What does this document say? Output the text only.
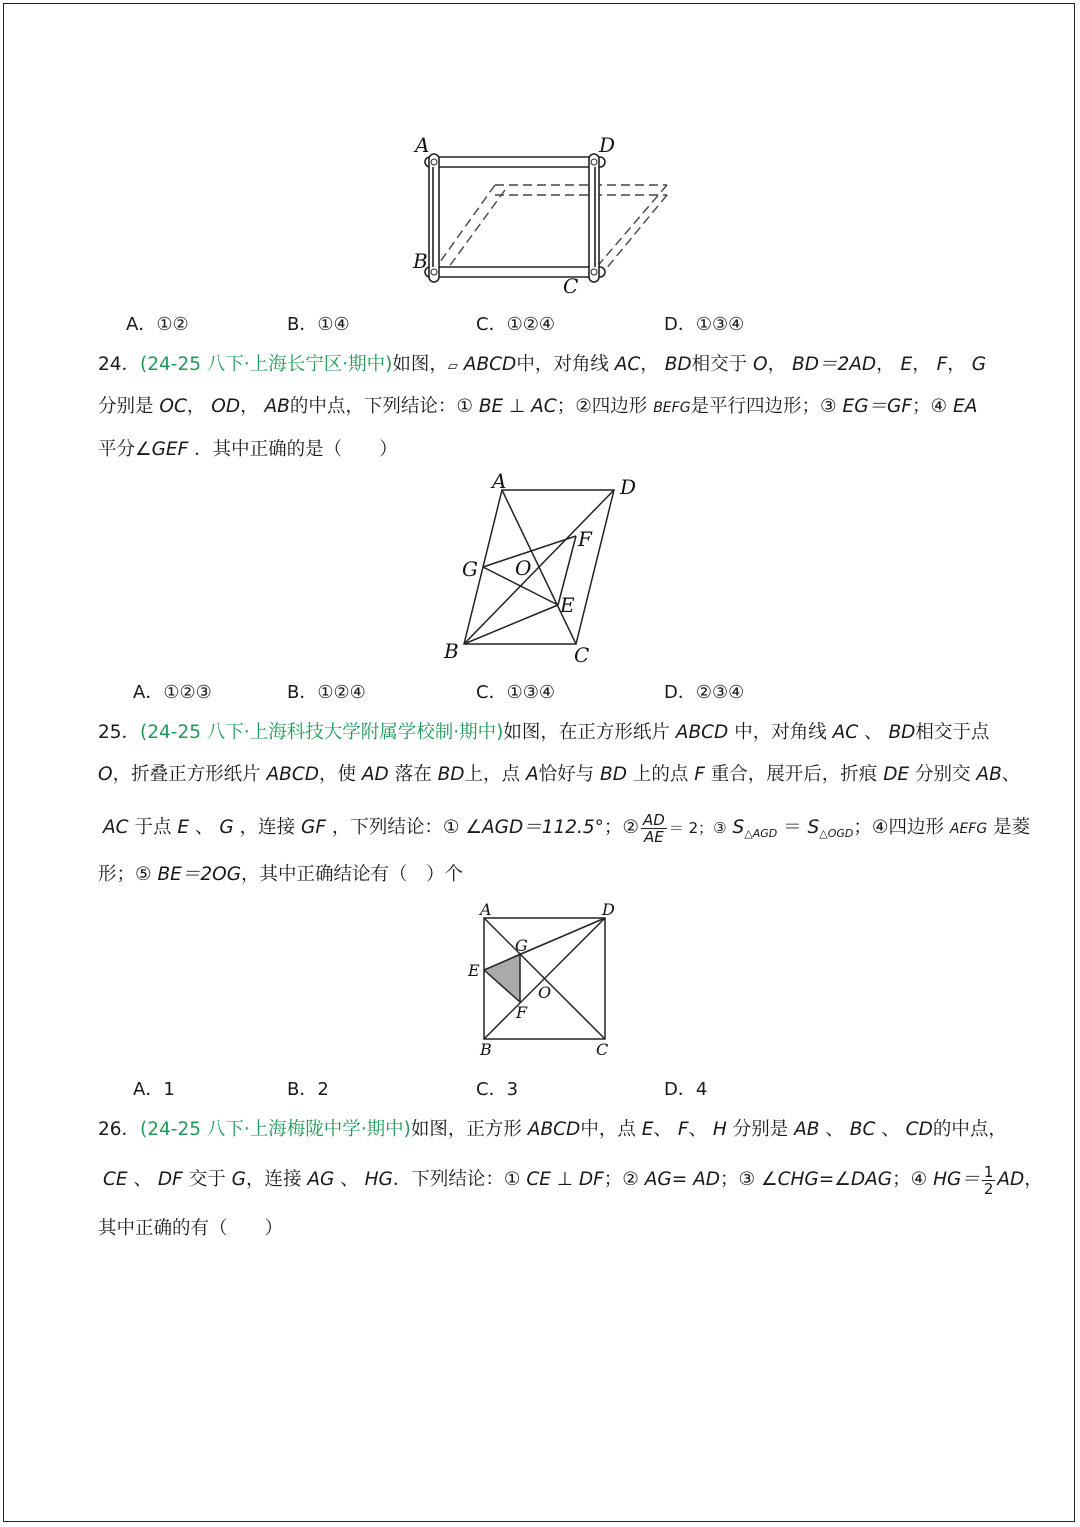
A	D
B
C
A．①②	B．①④	C．①②④	D．①③④
24．(24-25 八下·上海长宁区·期中)如图，▱ ABCD中，对角线 AC， BD相交于 O， BD＝2AD， E， F， G
分别是 OC， OD， AB的中点，下列结论：① BE ⊥ AC；②四边形 BEFG是平行四边形；③ EG＝GF；④ EA
平分∠GEF ．其中正确的是（　　）
A	D
F
G O
E
B	C
A．①②③	B．①②④	C．①③④	D．②③④
25．(24-25 八下·上海科技大学附属学校制·期中)如图，在正方形纸片 ABCD 中，对角线 AC 、 BD相交于点
O，折叠正方形纸片 ABCD，使 AD 落在 BD上，点 A恰好与 BD 上的点 F 重合，展开后，折痕 DE 分别交 AB、
AC 于点 E 、 G ，连接 GF ，下列结论：① ∠AGD＝112.5°；② $\frac{AD}{AE} = 2$；③ $S_{\triangle AGD} = S_{\triangle OGD}$；④四边形 AEFG 是菱
形；⑤ BE＝2OG，其中正确结论有（　）个
A	D
G
E
O
F
B	C
A．1	B．2	C．3	D．4
26．(24-25 八下·上海梅陇中学·期中)如图，正方形 ABCD中，点 E、 F、 H 分别是 AB 、 BC 、 CD的中点，
CE 、 DF 交于 G，连接 AG 、 HG．下列结论：① CE ⊥ DF；② AG= AD；③ ∠CHG=∠DAG；④ $HG= \frac{1}{2}$ AD，
其中正确的有（　　）
